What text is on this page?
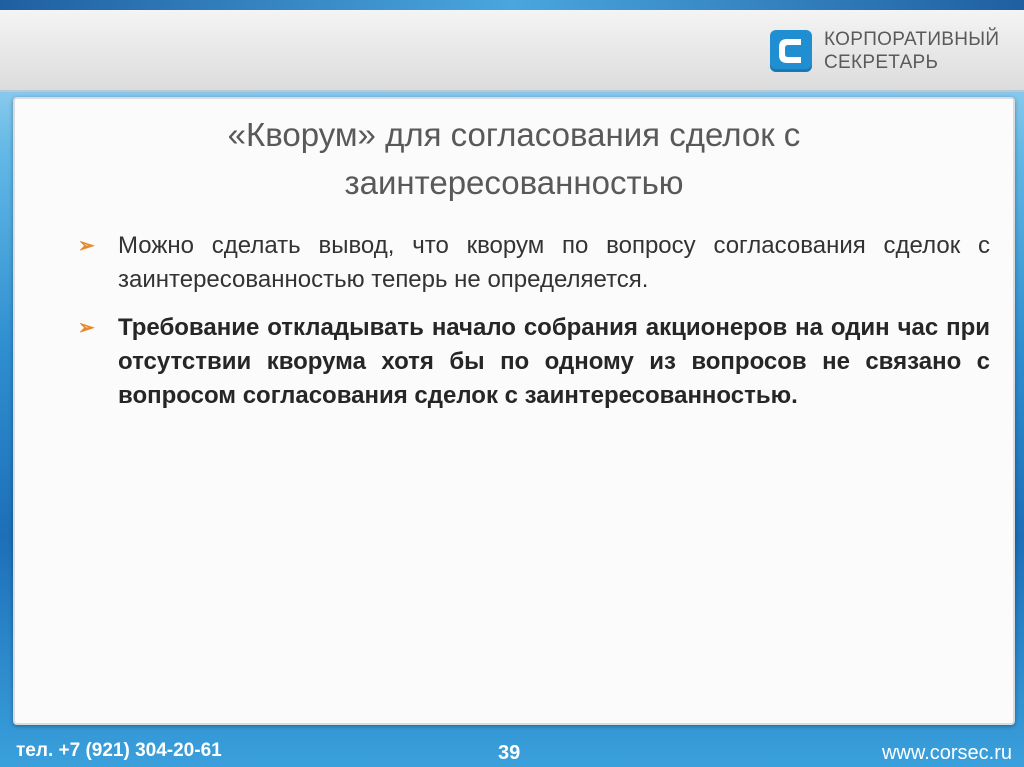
КОРПОРАТИВНЫЙ
СЕКРЕТАРЬ
«Кворум» для согласования сделок с
заинтересованностью
➢ Можно сделать вывод, что кворум по вопросу согласования сделок с заинтересованностью теперь не определяется.
➢ Требование откладывать начало собрания акционеров на один час при отсутствии кворума хотя бы по одному из вопросов не связано с вопросом согласования сделок с заинтересованностью.
тел. +7 (921) 304-20-61	39	www.corsec.ru
